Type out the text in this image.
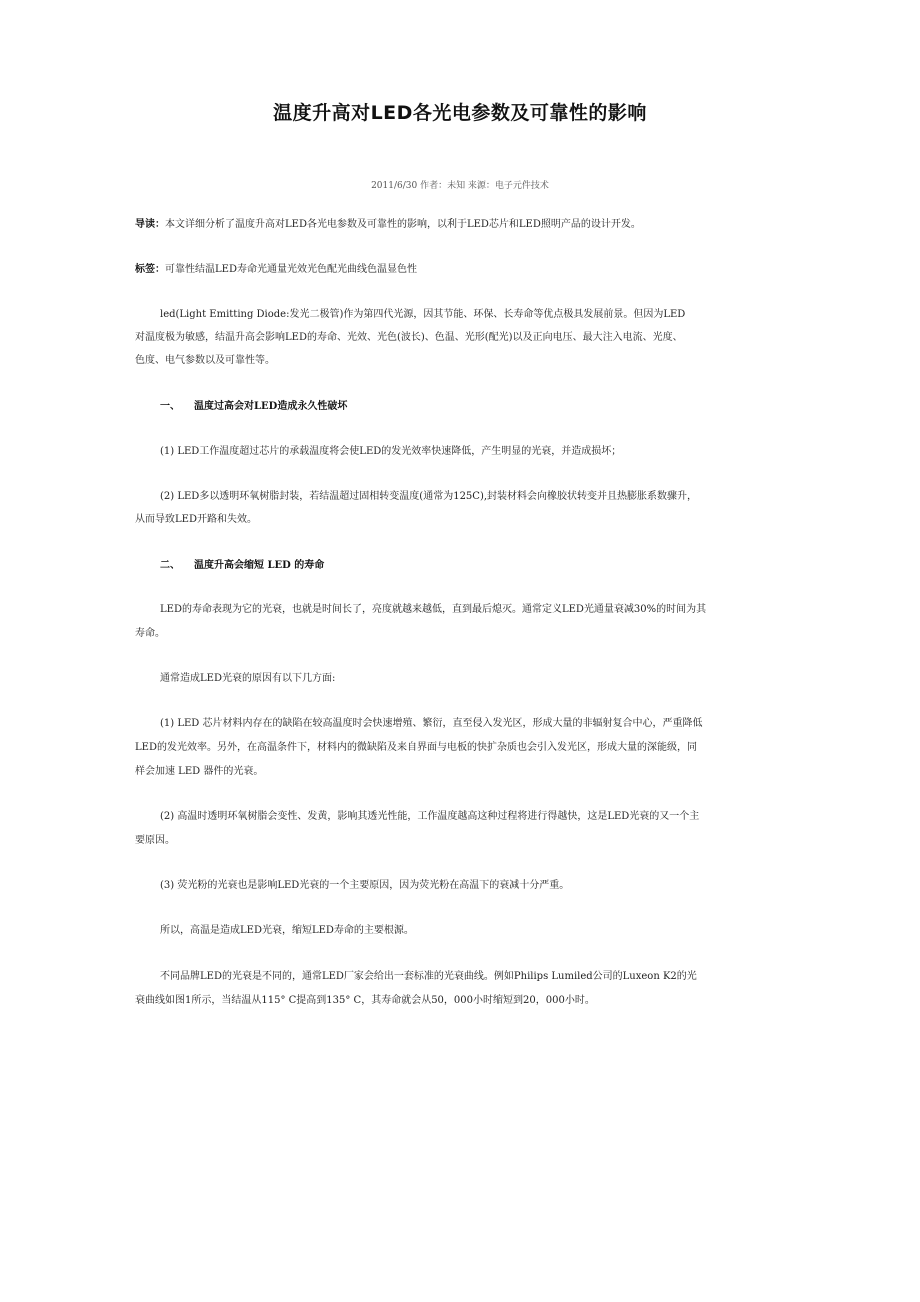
温度升高对LED各光电参数及可靠性的影响
2011/6/30 作者：未知 来源：电子元件技术
导读：本文详细分析了温度升高对LED各光电参数及可靠性的影响，以利于LED芯片和LED照明产品的设计开发。
标签：可靠性结温LED寿命光通量光效光色配光曲线色温显色性
led(Light Emitting Diode:发光二极管)作为第四代光源，因其节能、环保、长寿命等优点极具发展前景。但因为LED
对温度极为敏感，结温升高会影响LED的寿命、光效、光色(波长)、色温、光形(配光)以及正向电压、最大注入电流、光度、
色度、电气参数以及可靠性等。
一、 温度过高会对LED造成永久性破坏
(1) LED工作温度超过芯片的承载温度将会使LED的发光效率快速降低，产生明显的光衰，并造成损坏；
(2) LED多以透明环氧树脂封装，若结温超过固相转变温度(通常为125C),封装材料会向橡胶状转变并且热膨胀系数骤升，
从而导致LED开路和失效。
二、 温度升高会缩短 LED 的寿命
LED的寿命表现为它的光衰，也就是时间长了，亮度就越来越低，直到最后熄灭。通常定义LED光通量衰减30%的时间为其
寿命。
通常造成LED光衰的原因有以下几方面:
(1) LED 芯片材料内存在的缺陷在较高温度时会快速增殖、繁衍，直至侵入发光区，形成大量的非辐射复合中心，严重降低
LED的发光效率。另外，在高温条件下，材料内的微缺陷及来自界面与电板的快扩杂质也会引入发光区，形成大量的深能级，同
样会加速 LED 器件的光衰。
(2) 高温时透明环氧树脂会变性、发黄，影响其透光性能，工作温度越高这种过程将进行得越快，这是LED光衰的又一个主
要原因。
(3) 荧光粉的光衰也是影响LED光衰的一个主要原因，因为荧光粉在高温下的衰减十分严重。
所以，高温是造成LED光衰，缩短LED寿命的主要根源。
不同品牌LED的光衰是不同的，通常LED厂家会给出一套标准的光衰曲线。例如Philips Lumiled公司的Luxeon K2的光
衰曲线如图1所示，当结温从115° C提高到135° C，其寿命就会从50，000小时缩短到20，000小时。
